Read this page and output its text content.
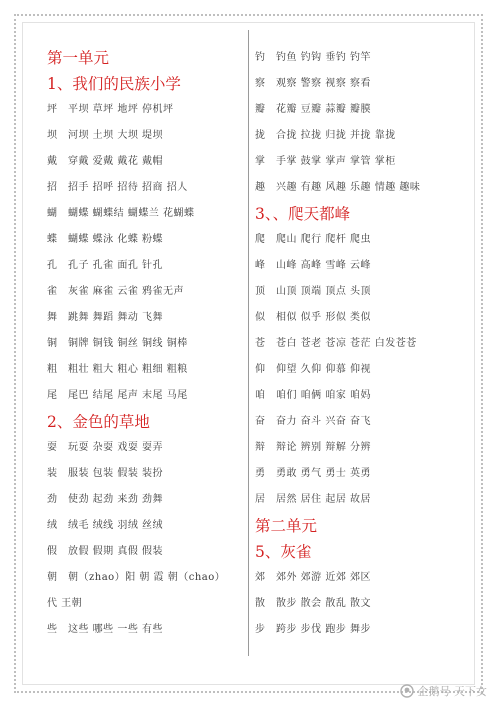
第一单元
1、我们的民族小学
坪　平坝 草坪 地坪 停机坪
坝　河坝 土坝 大坝 堤坝
戴　穿戴 爱戴 戴花 戴帽
招　招手 招呼 招待 招商 招人
蝴　蝴蝶 蝴蝶结 蝴蝶兰 花蝴蝶
蝶　蝴蝶 蝶泳 化蝶 粉蝶
孔　孔子 孔雀 面孔 针孔
雀　灰雀 麻雀 云雀 鸦雀无声
舞　跳舞 舞蹈 舞动 飞舞
铜　铜牌 铜钱 铜丝 铜线 铜棒
粗　粗壮 粗大 粗心 粗细 粗粮
尾　尾巴 结尾 尾声 末尾 马尾
2、金色的草地
耍　玩耍 杂耍 戏耍 耍弄
装　服装 包装 假装 装扮
劲　使劲 起劲 来劲 劲舞
绒　绒毛 绒线 羽绒 丝绒
假　放假 假期 真假 假装
朝　朝（zhao）阳 朝 霞 朝（chao）
代 王朝
些　这些 哪些 一些 有些
钓　钓鱼 钓钩 垂钓 钓竿
察　观察 警察 视察 察看
瓣　花瓣 豆瓣 蒜瓣 瓣膜
拢　合拢 拉拢 归拢 并拢 靠拢
掌　手掌 鼓掌 掌声 掌管 掌柜
趣　兴趣 有趣 风趣 乐趣 情趣 趣味
3、、爬天都峰
爬　爬山 爬行 爬杆 爬虫
峰　山峰 高峰 雪峰 云峰
顶　山顶 顶端 顶点 头顶
似　相似 似乎 形似 类似
苍　苍白 苍老 苍凉 苍茫 白发苍苍
仰　仰望 久仰 仰慕 仰视
咱　咱们 咱俩 咱家 咱妈
奋　奋力 奋斗 兴奋 奋飞
辩　辩论 辨别 辩解 分辨
勇　勇敢 勇气 勇士 英勇
居　居然 居住 起居 故居
第二单元
5、灰雀
郊　郊外 郊游 近郊 郊区
散　散步 散会 散乱 散文
步　跨步 步伐 跑步 舞步
企鹅号 天下女
